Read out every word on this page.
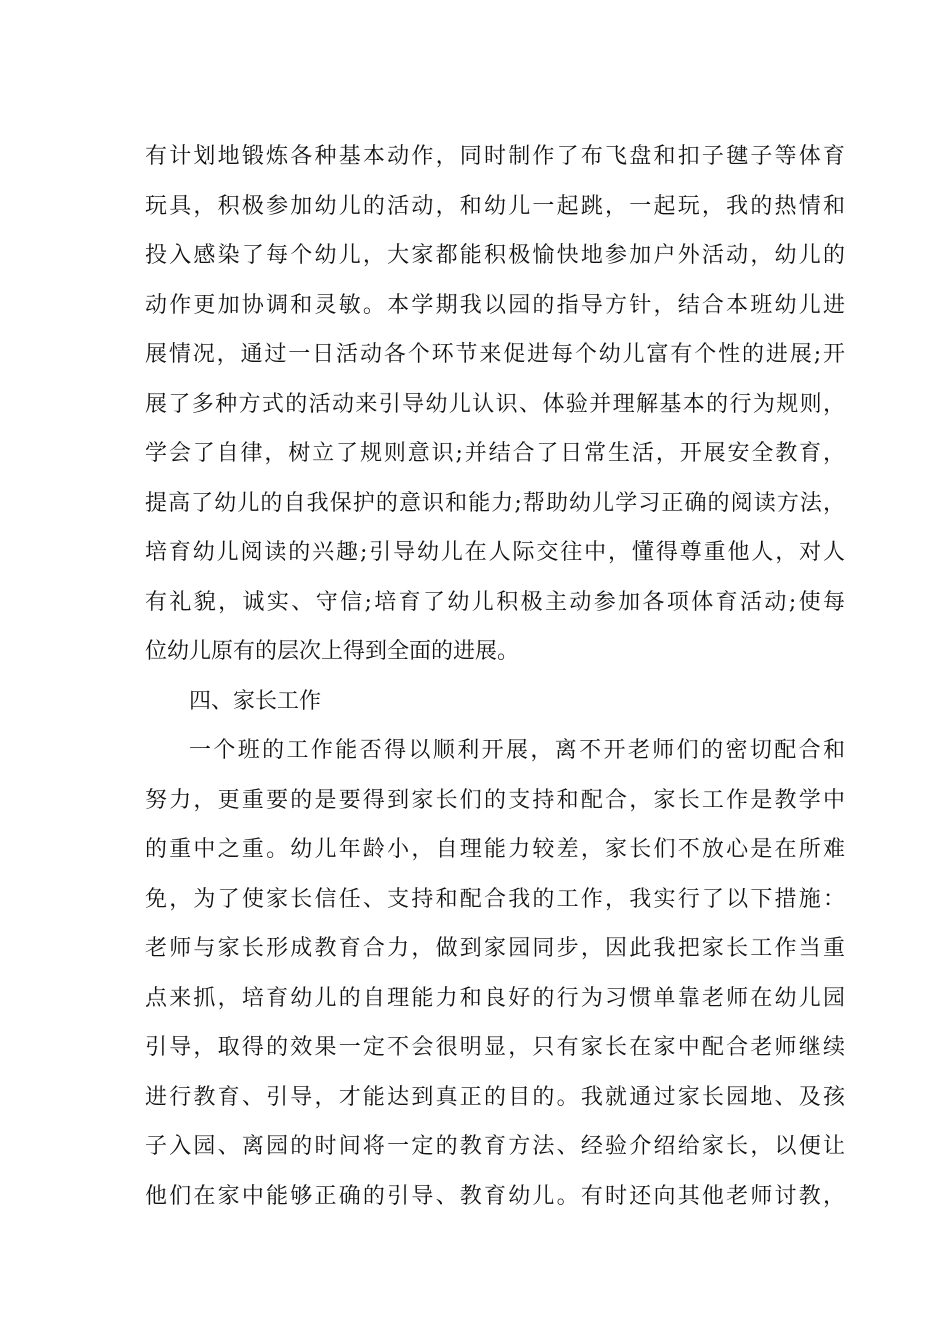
有计划地锻炼各种基本动作，同时制作了布飞盘和扣子毽子等体育
玩具，积极参加幼儿的活动，和幼儿一起跳，一起玩，我的热情和
投入感染了每个幼儿，大家都能积极愉快地参加户外活动，幼儿的
动作更加协调和灵敏。本学期我以园的指导方针，结合本班幼儿进
展情况，通过一日活动各个环节来促进每个幼儿富有个性的进展;开
展了多种方式的活动来引导幼儿认识、体验并理解基本的行为规则，
学会了自律，树立了规则意识;并结合了日常生活，开展安全教育，
提高了幼儿的自我保护的意识和能力;帮助幼儿学习正确的阅读方法，
培育幼儿阅读的兴趣;引导幼儿在人际交往中，懂得尊重他人，对人
有礼貌，诚实、守信;培育了幼儿积极主动参加各项体育活动;使每
位幼儿原有的层次上得到全面的进展。
四、家长工作
一个班的工作能否得以顺利开展，离不开老师们的密切配合和
努力，更重要的是要得到家长们的支持和配合，家长工作是教学中
的重中之重。幼儿年龄小，自理能力较差，家长们不放心是在所难
免，为了使家长信任、支持和配合我的工作，我实行了以下措施：
老师与家长形成教育合力，做到家园同步，因此我把家长工作当重
点来抓，培育幼儿的自理能力和良好的行为习惯单靠老师在幼儿园
引导，取得的效果一定不会很明显，只有家长在家中配合老师继续
进行教育、引导，才能达到真正的目的。我就通过家长园地、及孩
子入园、离园的时间将一定的教育方法、经验介绍给家长，以便让
他们在家中能够正确的引导、教育幼儿。有时还向其他老师讨教，
